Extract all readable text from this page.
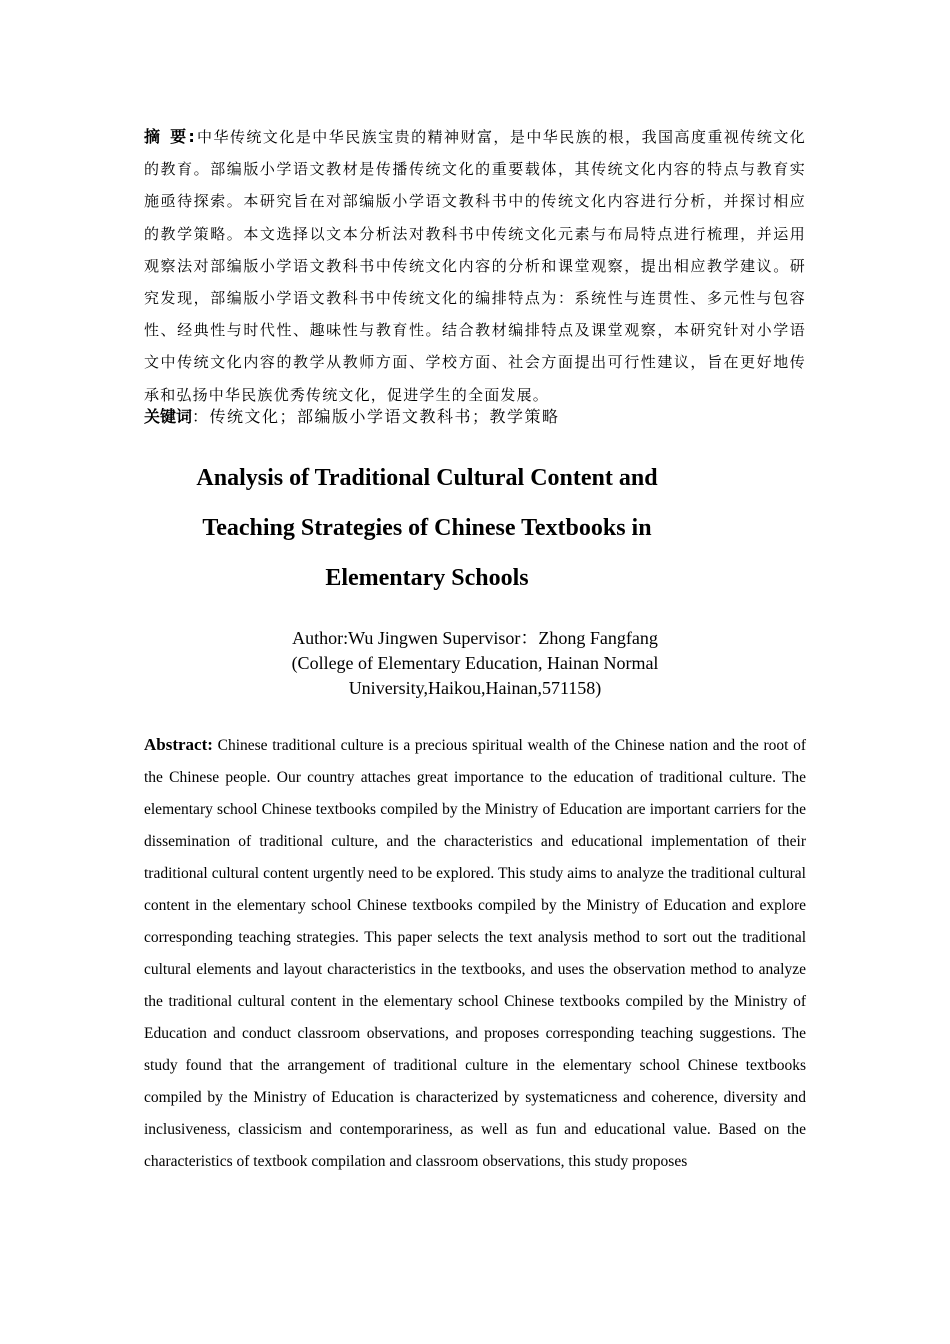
摘 要:中华传统文化是中华民族宝贵的精神财富，是中华民族的根，我国高度重视传统文化的教育。部编版小学语文教材是传播传统文化的重要载体，其传统文化内容的特点与教育实施亟待探索。本研究旨在对部编版小学语文教科书中的传统文化内容进行分析，并探讨相应的教学策略。本文选择以文本分析法对教科书中传统文化元素与布局特点进行梳理，并运用观察法对部编版小学语文教科书中传统文化内容的分析和课堂观察，提出相应教学建议。研究发现，部编版小学语文教科书中传统文化的编排特点为：系统性与连贯性、多元性与包容性、经典性与时代性、趣味性与教育性。结合教材编排特点及课堂观察，本研究针对小学语文中传统文化内容的教学从教师方面、学校方面、社会方面提出可行性建议，旨在更好地传承和弘扬中华民族优秀传统文化，促进学生的全面发展。
关键词：传统文化；部编版小学语文教科书；教学策略
Analysis of Traditional Cultural Content and
Teaching Strategies of Chinese Textbooks in
Elementary Schools
Author:Wu Jingwen Supervisor：Zhong Fangfang
(College of Elementary Education, Hainan Normal
University,Haikou,Hainan,571158)
Abstract: Chinese traditional culture is a precious spiritual wealth of the Chinese nation and the root of the Chinese people. Our country attaches great importance to the education of traditional culture. The elementary school Chinese textbooks compiled by the Ministry of Education are important carriers for the dissemination of traditional culture, and the characteristics and educational implementation of their traditional cultural content urgently need to be explored. This study aims to analyze the traditional cultural content in the elementary school Chinese textbooks compiled by the Ministry of Education and explore corresponding teaching strategies. This paper selects the text analysis method to sort out the traditional cultural elements and layout characteristics in the textbooks, and uses the observation method to analyze the traditional cultural content in the elementary school Chinese textbooks compiled by the Ministry of Education and conduct classroom observations, and proposes corresponding teaching suggestions. The study found that the arrangement of traditional culture in the elementary school Chinese textbooks compiled by the Ministry of Education is characterized by systematicness and coherence, diversity and inclusiveness, classicism and contemporariness, as well as fun and educational value. Based on the characteristics of textbook compilation and classroom observations, this study proposes
